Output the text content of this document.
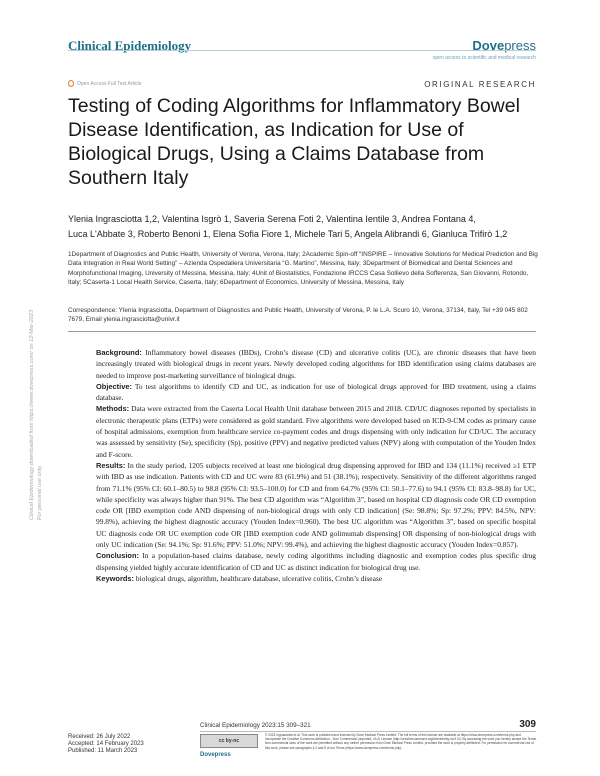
Clinical Epidemiology	Dovepress
open access to scientific and medical research
Open Access Full Text Article	ORIGINAL RESEARCH
Testing of Coding Algorithms for Inflammatory Bowel Disease Identification, as Indication for Use of Biological Drugs, Using a Claims Database from Southern Italy
Ylenia Ingrasciotta 1,2, Valentina Isgrò 1, Saveria Serena Foti 2, Valentina Ientile 3, Andrea Fontana 4,
Luca L'Abbate 3, Roberto Benoni 1, Elena Sofia Fiore 1, Michele Tari 5, Angela Alibrandi 6, Gianluca Trifirò 1,2
1Department of Diagnostics and Public Health, University of Verona, Verona, Italy; 2Academic Spin-off “INSPIRE – Innovative Solutions for Medical Prediction and Big Data Integration in Real World Setting” – Azienda Ospedaliera Universitaria “G. Martino”, Messina, Italy; 3Department of Biomedical and Dental Sciences and Morphofunctional Imaging, University of Messina, Messina, Italy; 4Unit of Biostatistics, Fondazione IRCCS Casa Sollievo della Sofferenza, San Giovanni, Rotondo, Italy; 5Caserta-1 Local Health Service, Caserta, Italy; 6Department of Economics, University of Messina, Messina, Italy
Correspondence: Ylenia Ingrasciotta, Department of Diagnostics and Public Health, University of Verona, P. le L.A. Scuro 10, Verona, 37134, Italy, Tel +39 045 802 7679, Email ylenia.ingrasciotta@univr.it

Background: Inflammatory bowel diseases (IBDs), Crohn’s disease (CD) and ulcerative colitis (UC), are chronic diseases that have been increasingly treated with biological drugs in recent years. Newly developed coding algorithms for IBD identification using claims databases are needed to improve post-marketing surveillance of biological drugs.

Objective: To test algorithms to identify CD and UC, as indication for use of biological drugs approved for IBD treatment, using a claims database.

Methods: Data were extracted from the Caserta Local Health Unit database between 2015 and 2018. CD/UC diagnoses reported by specialists in electronic therapeutic plans (ETPs) were considered as gold standard. Five algorithms were developed based on ICD-9-CM codes as primary cause of hospital admissions, exemption from healthcare service co-payment codes and drugs dispensing with only indication for CD/UC. The accuracy was assessed by sensitivity (Se), specificity (Sp), positive (PPV) and negative predicted values (NPV) along with computation of the Youden Index and F-score.

Results: In the study period, 1205 subjects received at least one biological drug dispensing approved for IBD and 134 (11.1%) received ≥1 ETP with IBD as use indication. Patients with CD and UC were 83 (61.9%) and 51 (38.1%), respectively. Sensitivity of the different algorithms ranged from 71.1% (95% CI: 60.1–80.5) to 98.8 (95% CI: 93.5–100.0) for CD and from 64.7% (95% CI: 50.1–77.6) to 94.1 (95% CI: 83.8–98.8) for UC, while specificity was always higher than 91%. The best CD algorithm was “Algorithm 3”, based on hospital CD diagnosis code OR CD exemption code OR [IBD exemption code AND dispensing of non-biological drugs with only CD indication] (Se: 98.8%; Sp: 97.2%; PPV: 84.5%, NPV: 99.8%), achieving the highest diagnostic accuracy (Youden Index=0.960). The best UC algorithm was “Algorithm 3”, based on specific hospital UC diagnosis code OR UC exemption code OR [IBD exemption code AND golimumab dispensing] OR dispensing of non-biological drugs with only UC indication (Se: 94.1%; Sp: 91.6%; PPV: 51.0%; NPV: 99.4%), and achieving the highest diagnostic accuracy (Youden Index=0.857).

Conclusion: In a population-based claims database, newly coding algorithms including diagnostic and exemption codes plus specific drug dispensing yielded highly accurate identification of CD and UC as distinct indication for biological drug use.

Keywords: biological drugs, algorithm, healthcare database, ulcerative colitis, Crohn’s disease

Clinical Epidemiology downloaded from https://www.dovepress.com/ on 12-Mar-2023 For personal use only.
Received: 26 July 2022
Accepted: 14 February 2023
Published: 11 March 2023
Clinical Epidemiology 2023:15 309–321	309
cc by-nc
© 2023 Ingrasciotta et al. This work is published and licensed by Dove Medical Press Limited. The full terms of this license are available at https://www.dovepress.com/terms.php and incorporate the Creative Commons Attribution – Non Commercial (unported, v3.0) License (http://creativecommons.org/licenses/by-nc/3.0/). By accessing the work you hereby accept the Terms. Non-commercial uses of the work are permitted without any further permission from Dove Medical Press Limited, provided the work is properly attributed. For permission for commercial use of this work, please see paragraphs 4.2 and 5 of our Terms (https://www.dovepress.com/terms.php).
Dovepress
